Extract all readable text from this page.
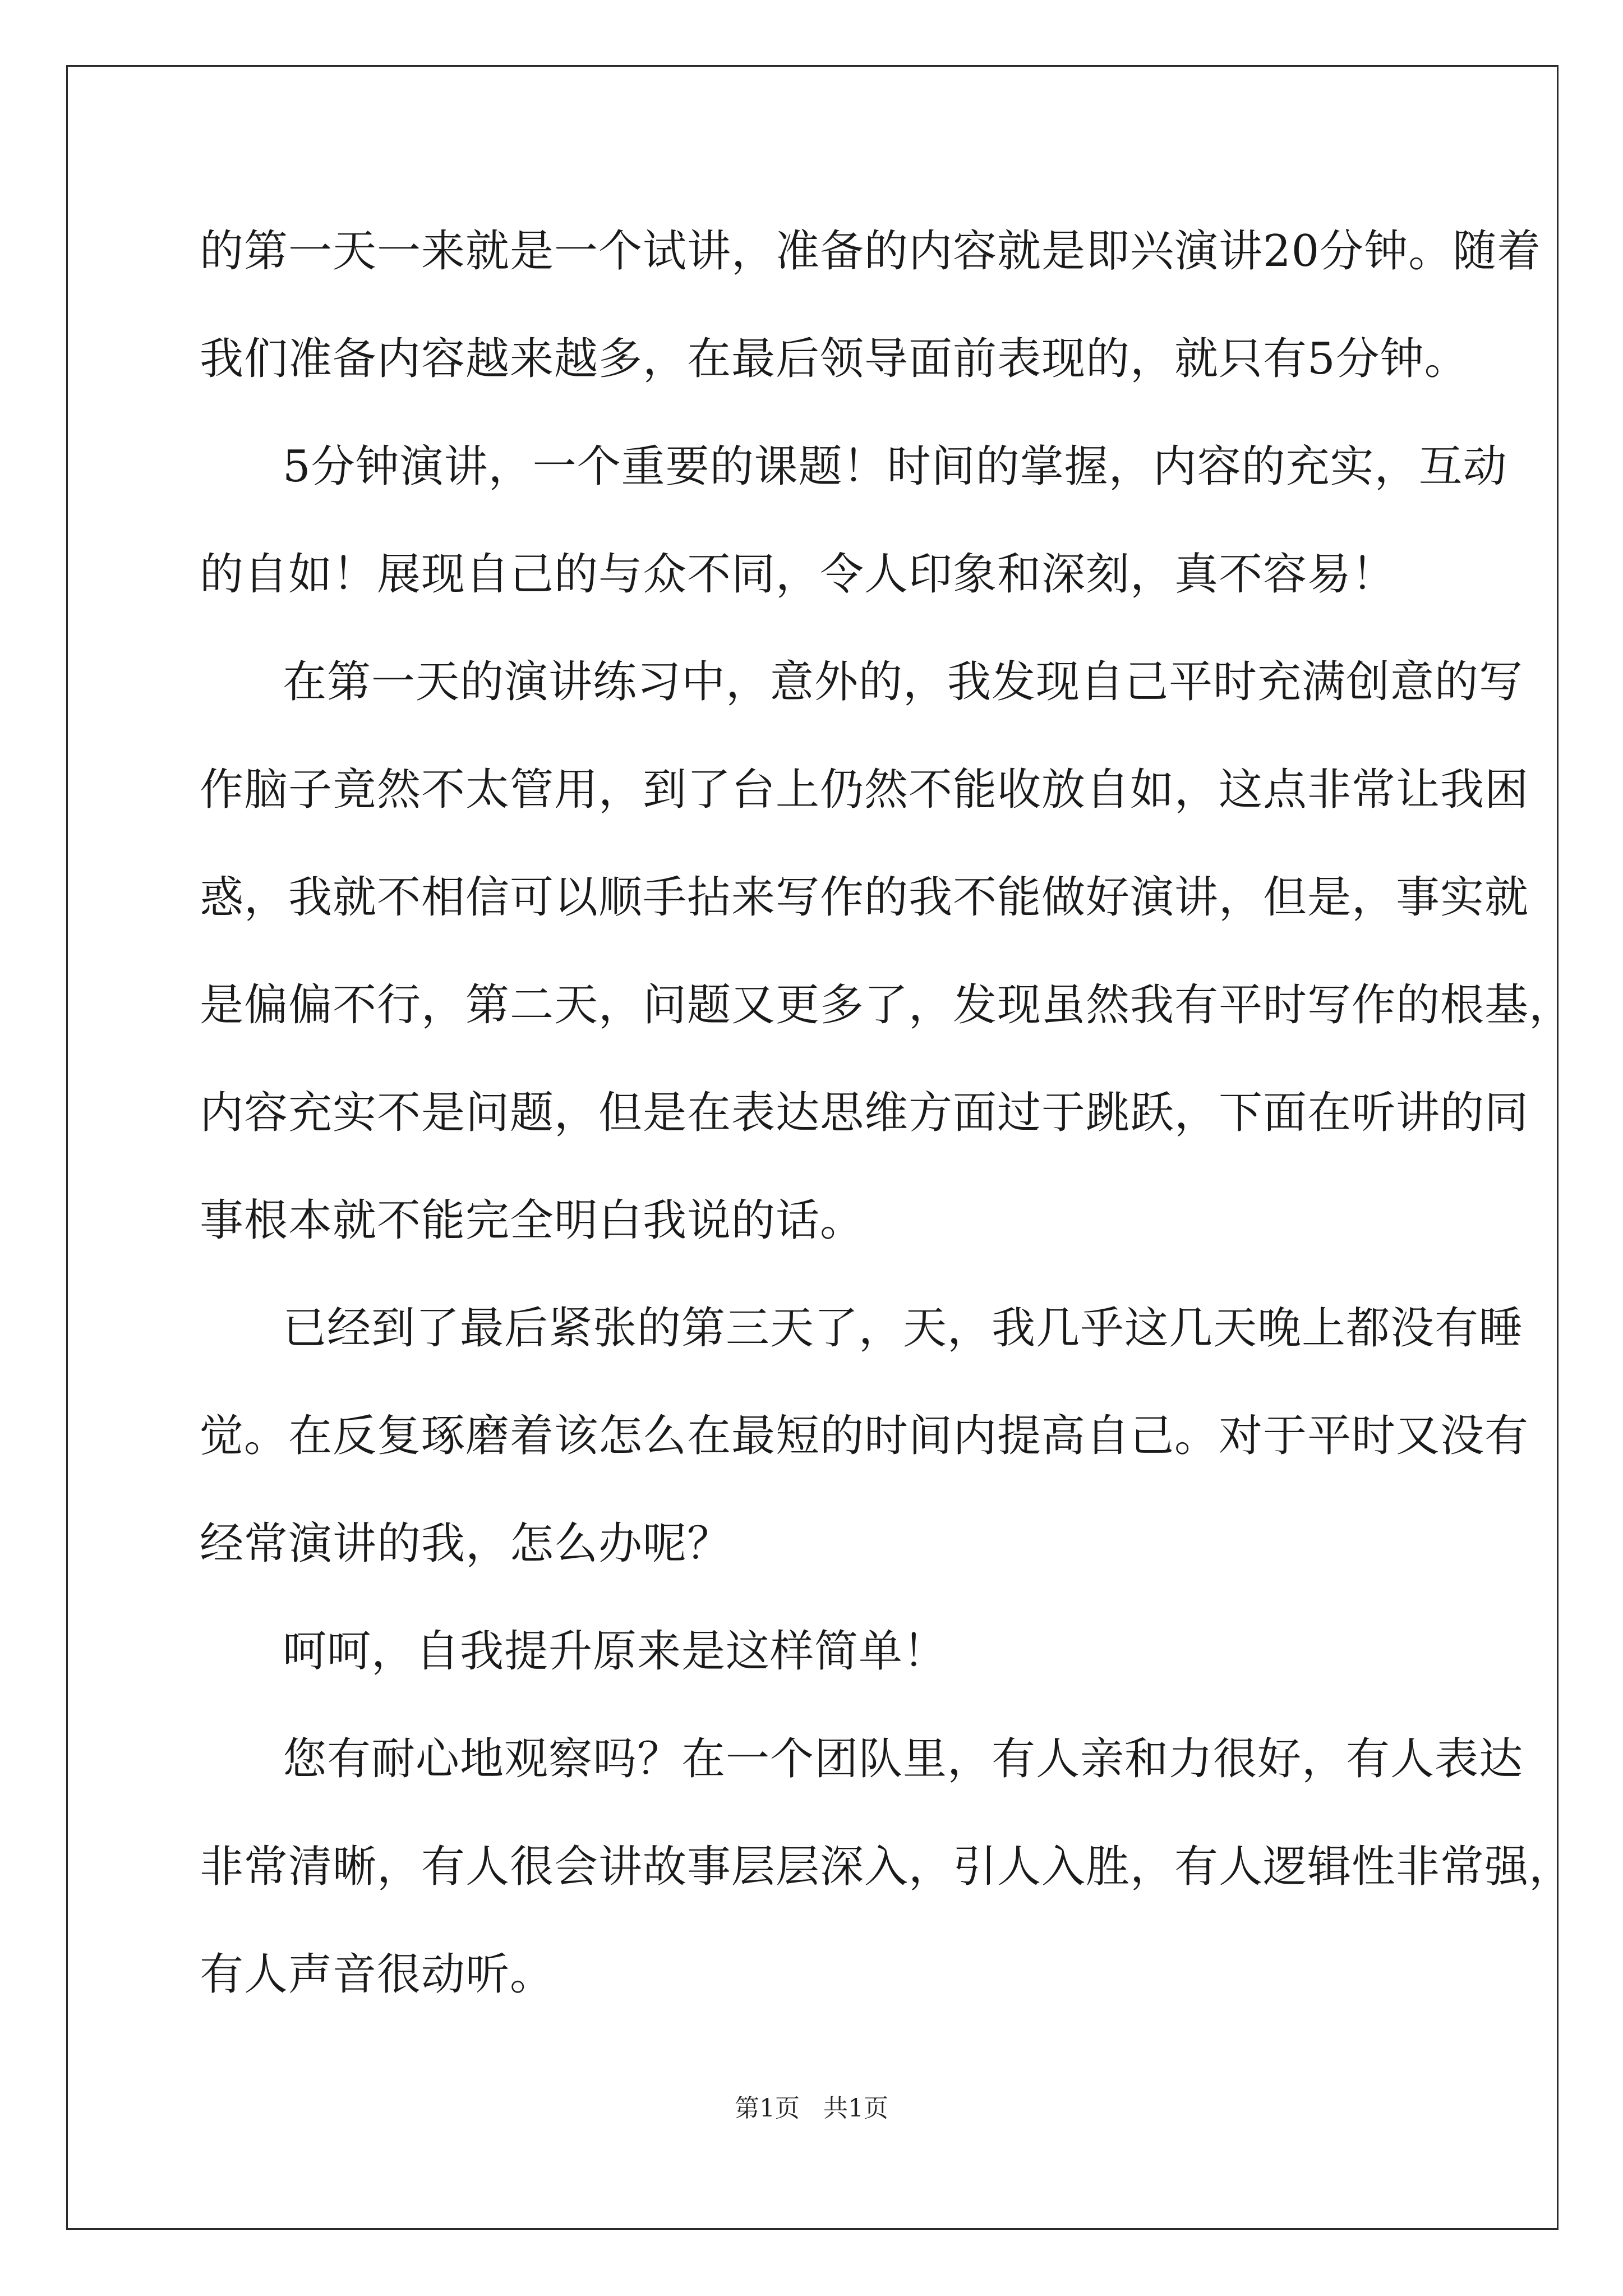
的第一天一来就是一个试讲，准备的内容就是即兴演讲20分钟。随着
我们准备内容越来越多，在最后领导面前表现的，就只有5分钟。
5分钟演讲，一个重要的课题！时间的掌握，内容的充实，互动
的自如！展现自己的与众不同，令人印象和深刻，真不容易！
在第一天的演讲练习中，意外的，我发现自己平时充满创意的写
作脑子竟然不太管用，到了台上仍然不能收放自如，这点非常让我困
惑，我就不相信可以顺手拈来写作的我不能做好演讲，但是，事实就
是偏偏不行，第二天，问题又更多了，发现虽然我有平时写作的根基，
内容充实不是问题，但是在表达思维方面过于跳跃，下面在听讲的同
事根本就不能完全明白我说的话。
已经到了最后紧张的第三天了，天，我几乎这几天晚上都没有睡
觉。在反复琢磨着该怎么在最短的时间内提高自己。对于平时又没有
经常演讲的我，怎么办呢？
呵呵，自我提升原来是这样简单！
您有耐心地观察吗？在一个团队里，有人亲和力很好，有人表达
非常清晰，有人很会讲故事层层深入，引人入胜，有人逻辑性非常强，
有人声音很动听。
第1页   共1页
